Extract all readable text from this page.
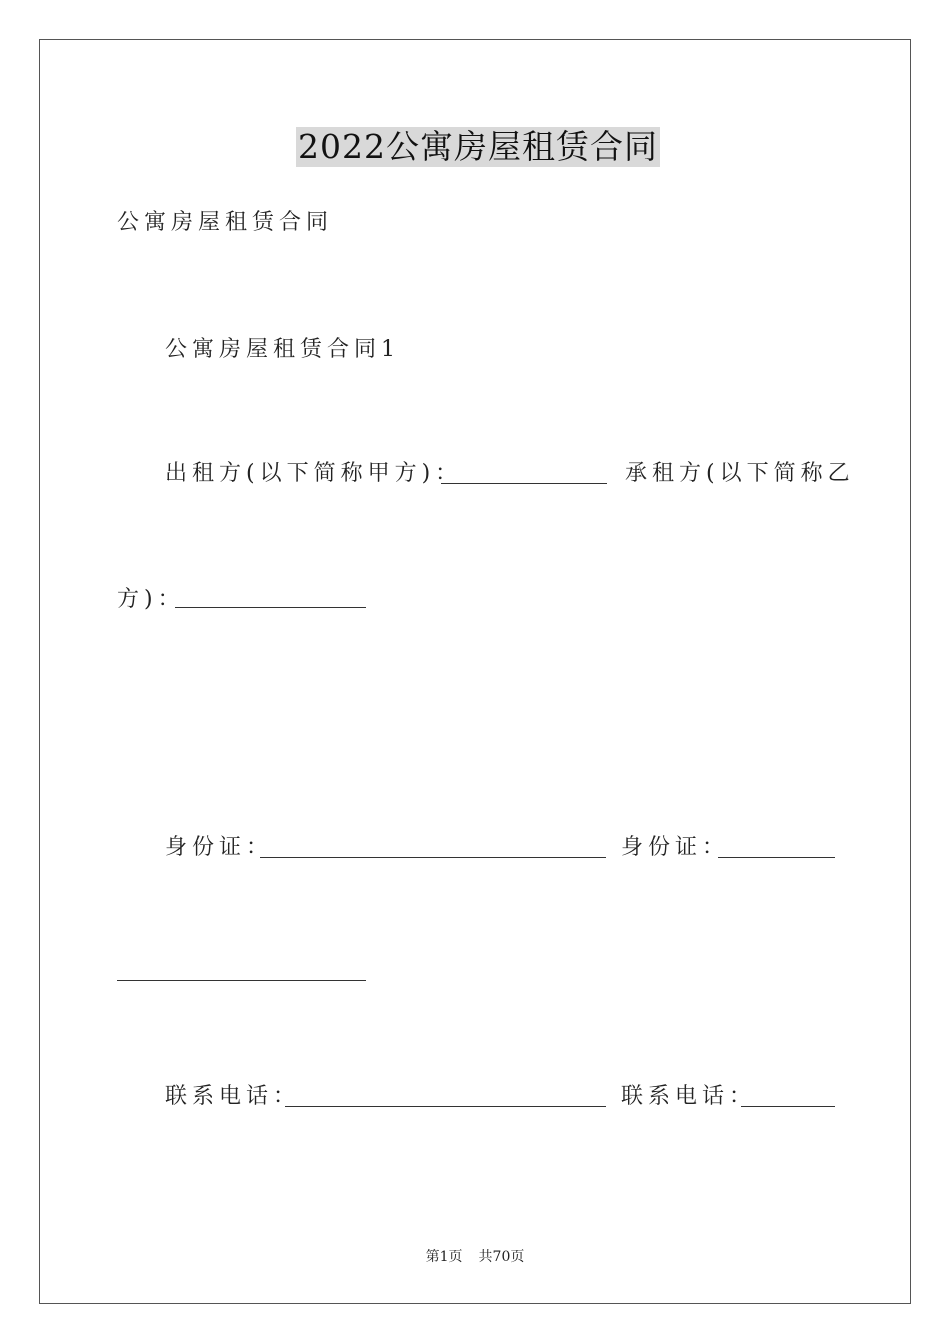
2022公寓房屋租赁合同
公寓房屋租赁合同
公寓房屋租赁合同1
出租方(以下简称甲方)：	承租方(以下简称乙
方)：
身份证：	身份证：
联系电话：	联系电话：
第1页 共70页
